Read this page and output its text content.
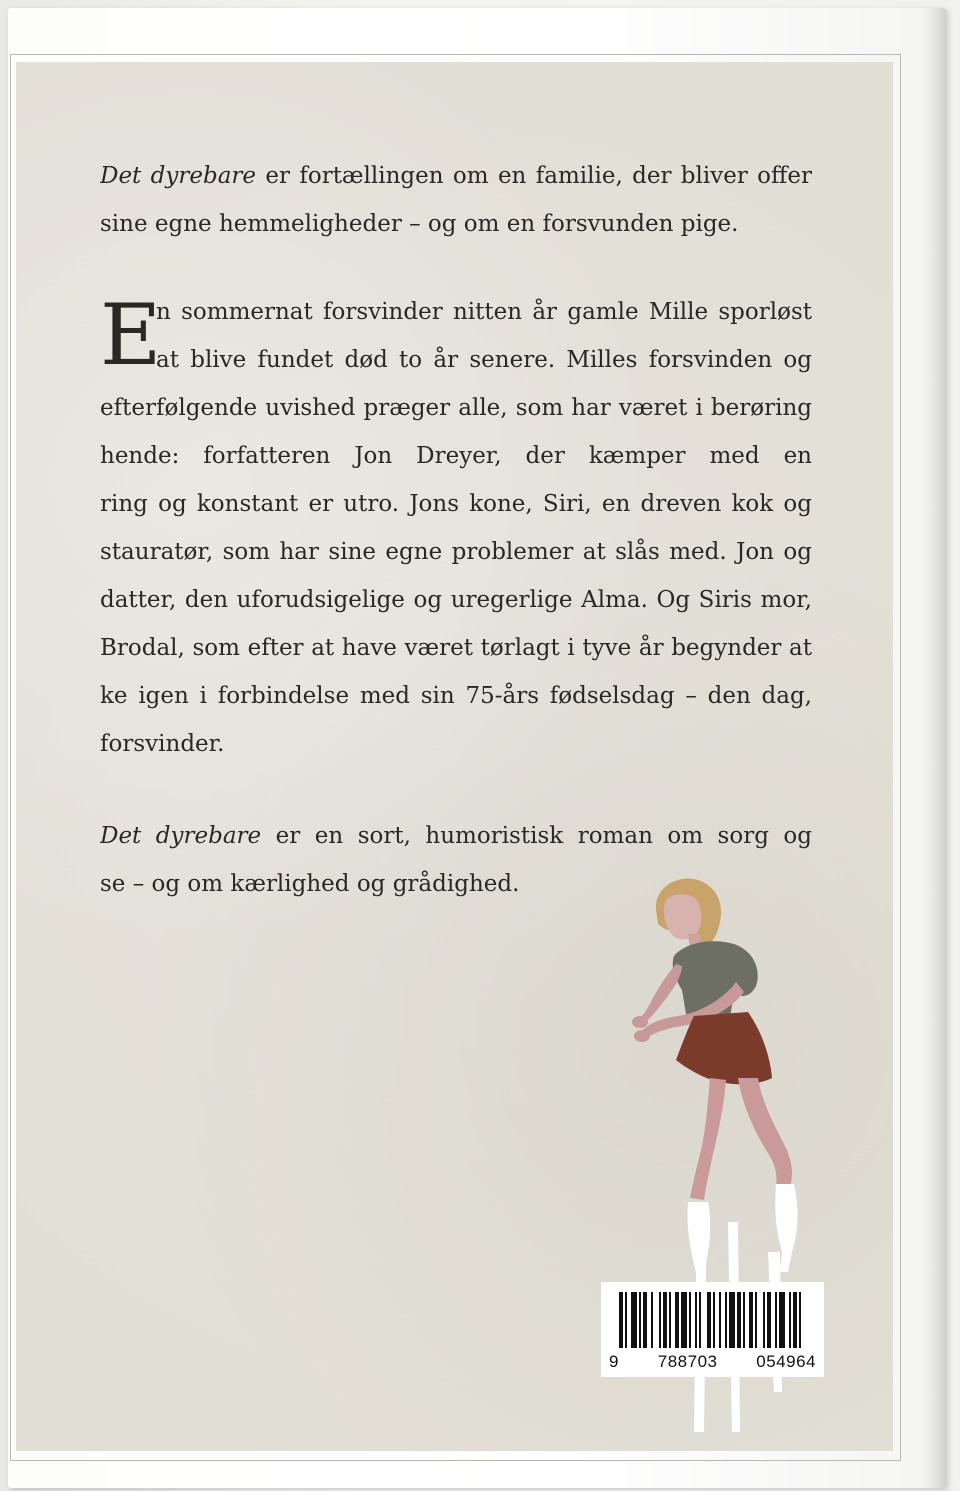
Det dyrebare er fortællingen om en familie, der bliver offer
sine egne hemmeligheder – og om en forsvunden pige.

E

n sommernat forsvinder nitten år gamle Mille sporløst
at blive fundet død to år senere. Milles forsvinden og
efterfølgende uvished præger alle, som har været i berøring
hende: forfatteren Jon Dreyer, der kæmper med en
ring og konstant er utro. Jons kone, Siri, en dreven kok og
stauratør, som har sine egne problemer at slås med. Jon og
datter, den uforudsigelige og uregerlige Alma. Og Siris mor,
Brodal, som efter at have været tørlagt i tyve år begynder at
ke igen i forbindelse med sin 75-års fødselsdag – den dag,
forsvinder.

Det dyrebare er en sort, humoristisk roman om sorg og
se – og om kærlighed og grådighed.

9 788703 054964
